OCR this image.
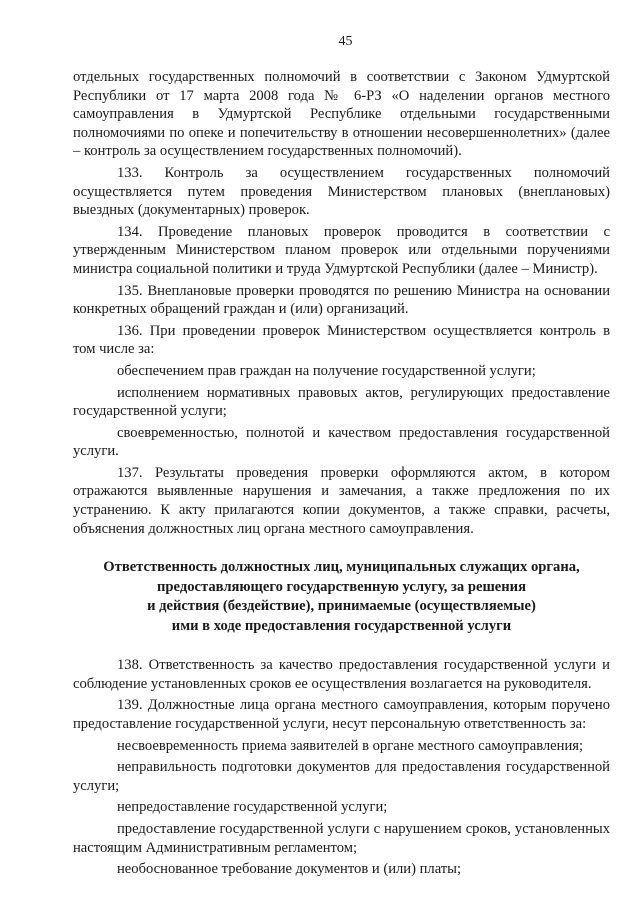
45

отдельных государственных полномочий в соответствии с Законом Удмуртской Республики от 17 марта 2008 года № 6-РЗ «О наделении органов местного самоуправления в Удмуртской Республике отдельными государственными полномочиями по опеке и попечительству в отношении несовершеннолетних» (далее – контроль за осуществлением государственных полномочий).

133. Контроль за осуществлением государственных полномочий осуществляется путем проведения Министерством плановых (внеплановых) выездных (документарных) проверок.

134. Проведение плановых проверок проводится в соответствии с утвержденным Министерством планом проверок или отдельными поручениями министра социальной политики и труда Удмуртской Республики (далее – Министр).

135. Внеплановые проверки проводятся по решению Министра на основании конкретных обращений граждан и (или) организаций.

136. При проведении проверок Министерством осуществляется контроль в том числе за:

обеспечением прав граждан на получение государственной услуги;

исполнением нормативных правовых актов, регулирующих предоставление государственной услуги;

своевременностью, полнотой и качеством предоставления государственной услуги.

137. Результаты проведения проверки оформляются актом, в котором отражаются выявленные нарушения и замечания, а также предложения по их устранению. К акту прилагаются копии документов, а также справки, расчеты, объяснения должностных лиц органа местного самоуправления.

Ответственность должностных лиц, муниципальных служащих органа,
предоставляющего государственную услугу, за решения
и действия (бездействие), принимаемые (осуществляемые)
ими в ходе предоставления государственной услуги

138. Ответственность за качество предоставления государственной услуги и соблюдение установленных сроков ее осуществления возлагается на руководителя.

139. Должностные лица органа местного самоуправления, которым поручено предоставление государственной услуги, несут персональную ответственность за:

несвоевременность приема заявителей в органе местного самоуправления;

неправильность подготовки документов для предоставления государственной услуги;

непредоставление государственной услуги;

предоставление государственной услуги с нарушением сроков, установленных настоящим Административным регламентом;

необоснованное требование документов и (или) платы;
